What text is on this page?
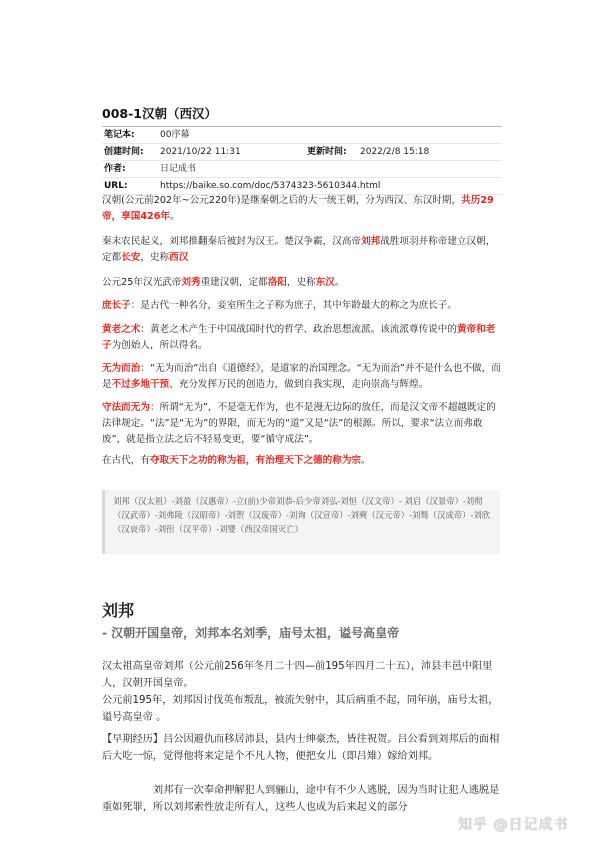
008-1汉朝（西汉）
笔记本:	00序幕
创建时间: 2021/10/22 11:31	更新时间: 2022/2/8 15:18
作者:	日记成书
URL:	https://baike.so.com/doc/5374323-5610344.html
汉朝(公元前202年~公元220年)是继秦朝之后的大一统王朝，分为西汉、东汉时期，共历29帝，享国426年。
秦末农民起义，刘邦推翻秦后被封为汉王。楚汉争霸，汉高帝刘邦战胜项羽并称帝建立汉朝，定都长安，史称西汉
公元25年汉光武帝刘秀重建汉朝，定都洛阳，史称东汉。
庶长子：是古代一种名分，妾室所生之子称为庶子，其中年龄最大的称之为庶长子。
黄老之术：黄老之术产生于中国战国时代的哲学、政治思想流派。该流派尊传说中的黄帝和老子为创始人，所以得名。
无为而治：“无为而治”出自《道德经》，是道家的治国理念。“无为而治”并不是什么也不做，而是不过多地干预、充分发挥万民的创造力，做到自我实现，走向崇高与辉煌。
守法而无为：所谓“无为”，不是毫无作为，也不是漫无边际的放任，而是汉文帝不超越既定的法律规定。“法”是“无为”的界限，而无为的“道”又是“法”的根源。所以，要求“法立而弗敢废”，就是指立法之后不轻易变更，要“循守成法”。
在古代，有夺取天下之功的称为祖，有治理天下之德的称为宗。
刘邦（汉太祖）-刘盈（汉惠帝）-立(前)少帝刘恭-后少帝刘弘-刘恒（汉文帝）- 刘启（汉景帝）-刘彻（汉武帝）-刘弗陵（汉昭帝）-刘贺（汉废帝）-刘询（汉宣帝）-刘奭（汉元帝）-刘骜（汉成帝）-刘欣（汉哀帝）-刘衎（汉平帝）-刘婴（西汉帝国灭亡）
刘邦
- 汉朝开国皇帝，刘邦本名刘季，庙号太祖，谥号高皇帝
汉太祖高皇帝刘邦（公元前256年冬月二十四—前195年四月二十五），沛县丰邑中阳里人，汉朝开国皇帝。
公元前195年，刘邦因讨伐英布叛乱，被流矢射中，其后病重不起，同年崩，庙号太祖，谥号高皇帝 。
【早期经历】吕公因避仇而移居沛县，县内士绅豪杰，皆往祝贺。吕公看到刘邦后的面相后大吃一惊，觉得他将来定是个不凡人物，便把女儿（即吕雉）嫁给刘邦。
　　　　　刘邦有一次奉命押解犯人到骊山，途中有不少人逃脱，因为当时让犯人逃脱是重如死罪，所以刘邦索性放走所有人，这些人也成为后来起义的部分
知乎 @日记成书
